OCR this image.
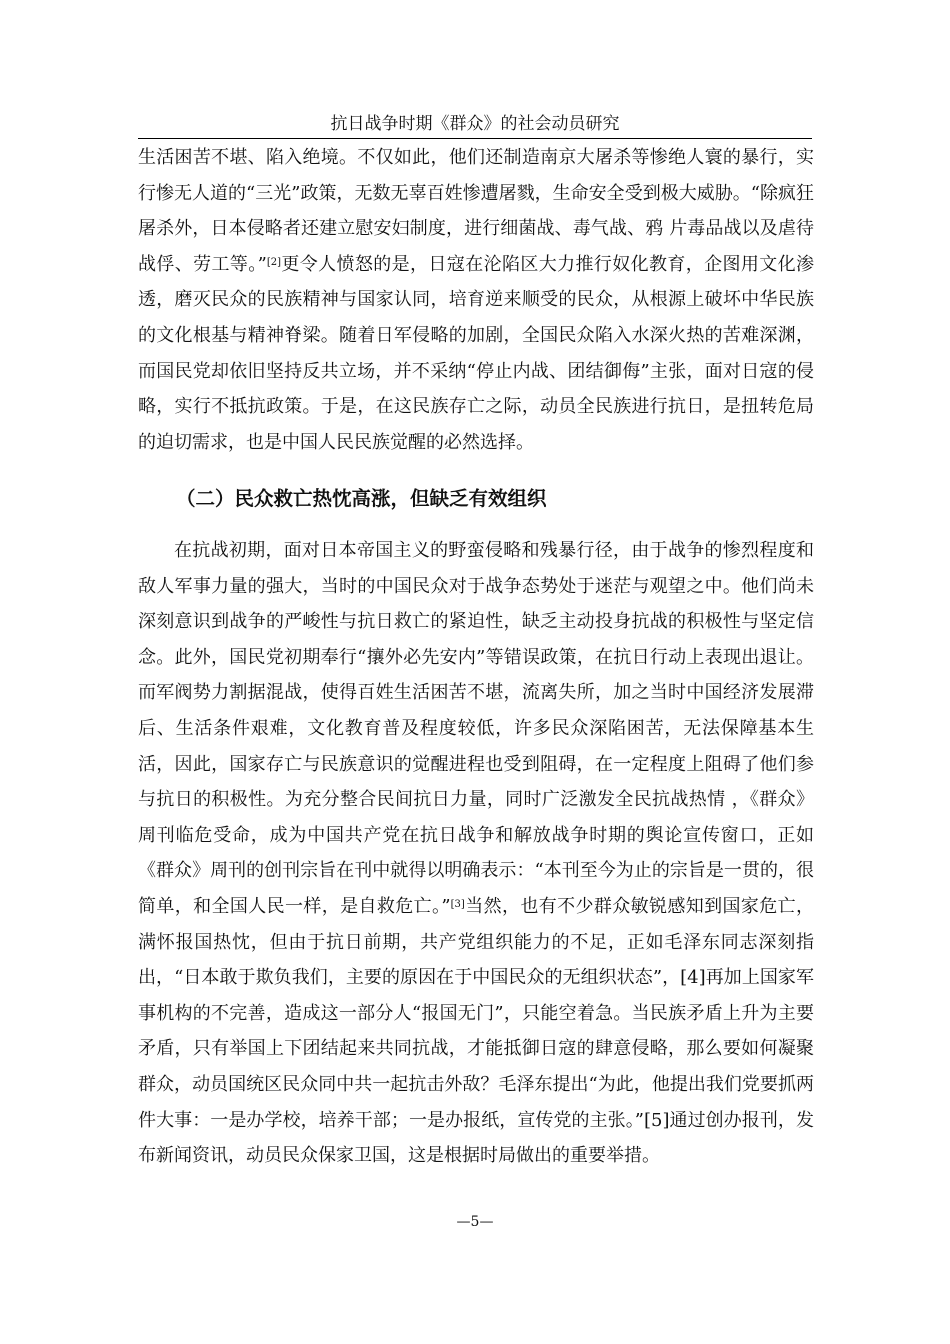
抗日战争时期《群众》的社会动员研究

生活困苦不堪、陷入绝境。不仅如此，他们还制造南京大屠杀等惨绝人寰的暴行，实行惨无人道的“三光”政策，无数无辜百姓惨遭屠戮，生命安全受到极大威胁。“除疯狂屠杀外，日本侵略者还建立慰安妇制度，进行细菌战、毒气战、鸦 片毒品战以及虐待战俘、劳工等。”[2]更令人愤怒的是，日寇在沦陷区大力推行奴化教育，企图用文化渗透，磨灭民众的民族精神与国家认同，培育逆来顺受的民众，从根源上破坏中华民族的文化根基与精神脊梁。随着日军侵略的加剧，全国民众陷入水深火热的苦难深渊，而国民党却依旧坚持反共立场，并不采纳“停止内战、团结御侮”主张，面对日寇的侵略，实行不抵抗政策。于是，在这民族存亡之际，动员全民族进行抗日，是扭转危局的迫切需求，也是中国人民民族觉醒的必然选择。

（二）民众救亡热忱高涨，但缺乏有效组织

在抗战初期，面对日本帝国主义的野蛮侵略和残暴行径，由于战争的惨烈程度和敌人军事力量的强大，当时的中国民众对于战争态势处于迷茫与观望之中。他们尚未深刻意识到战争的严峻性与抗日救亡的紧迫性，缺乏主动投身抗战的积极性与坚定信念。此外，国民党初期奉行“攘外必先安内”等错误政策，在抗日行动上表现出退让。而军阀势力割据混战，使得百姓生活困苦不堪，流离失所，加之当时中国经济发展滞后、生活条件艰难，文化教育普及程度较低，许多民众深陷困苦，无法保障基本生活，因此，国家存亡与民族意识的觉醒进程也受到阻碍，在一定程度上阻碍了他们参与抗日的积极性。为充分整合民间抗日力量，同时广泛激发全民抗战热情 ，《群众》周刊临危受命，成为中国共产党在抗日战争和解放战争时期的舆论宣传窗口，正如《群众》周刊的创刊宗旨在刊中就得以明确表示：“本刊至今为止的宗旨是一贯的，很简单，和全国人民一样，是自救危亡。”[3]当然，也有不少群众敏锐感知到国家危亡，满怀报国热忱，但由于抗日前期，共产党组织能力的不足，正如毛泽东同志深刻指出，“日本敢于欺负我们，主要的原因在于中国民众的无组织状态”，[4]再加上国家军事机构的不完善，造成这一部分人“报国无门”，只能空着急。当民族矛盾上升为主要矛盾，只有举国上下团结起来共同抗战，才能抵御日寇的肆意侵略，那么要如何凝聚群众，动员国统区民众同中共一起抗击外敌？毛泽东提出“为此，他提出我们党要抓两件大事：一是办学校，培养干部；一是办报纸，宣传党的主张。”[5]通过创办报刊，发布新闻资讯，动员民众保家卫国，这是根据时局做出的重要举措。

—5—
